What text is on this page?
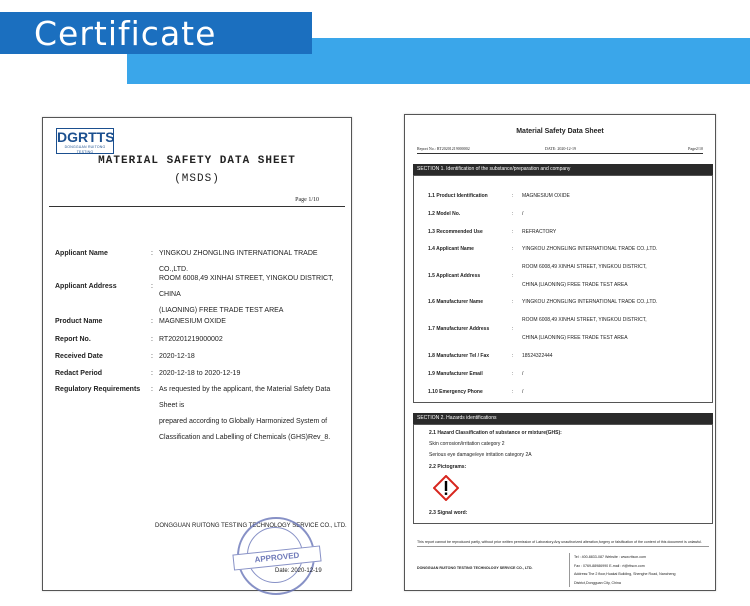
Certificate
DGRTTS
DONGGUAN RUITONG TESTING
MATERIAL SAFETY DATA SHEET
(MSDS)
Page 1/10
Applicant Name	: YINGKOU ZHONGLING INTERNATIONAL TRADE CO.,LTD.
Applicant Address	:
ROOM 6008,49 XINHAI STREET, YINGKOU DISTRICT, CHINA
(LIAONING) FREE TRADE TEST AREA
Product Name	: MAGNESIUM OXIDE
Report No.	: RT20201219000002
Received Date	: 2020-12-18
Redact Period	: 2020-12-18 to 2020-12-19
Regulatory Requirements : As requested by the applicant, the Material Safety Data Sheet is
prepared according to Globally Harmonized System of
Classification and Labelling of Chemicals (GHS)Rev_8.
DONGGUAN RUITONG TESTING TECHNOLOGY SERVICE CO., LTD.
APPROVED
Date: 2020-12-19
Material Safety Data Sheet
Report No.: RT20201219000002	DATE: 2020-12-19	Page2/10
SECTION 1. Identification of the substance/preparation and company
1.1 Product Identification	: MAGNESIUM OXIDE
1.2 Model No.	: /
1.3 Recommended Use	: REFRACTORY
1.4 Applicant Name	: YINGKOU ZHONGLING INTERNATIONAL TRADE CO.,LTD.
1.5 Applicant Address	:
ROOM 6008,49 XINHAI STREET, YINGKOU DISTRICT,
CHINA (LIAONING) FREE TRADE TEST AREA
1.6 Manufacturer Name	: YINGKOU ZHONGLING INTERNATIONAL TRADE CO.,LTD.
1.7 Manufacturer Address	:
ROOM 6008,49 XINHAI STREET, YINGKOU DISTRICT,
CHINA (LIAONING) FREE TRADE TEST AREA
1.8 Manufacturer Tel / Fax	: 18524322444
1.9 Manufacturer Email	: /
1.10 Emergency Phone	: /
SECTION 2. Hazards identifications
2.1 Hazard Classification of substance or mixture(GHS):
Skin corrosion/irritation category 2
Serious eye damage/eye irritation category 2A
2.2 Pictograms:
2.3 Signal word:
This report cannot be reproduced partly, without prior written permission of Laboratory.Any unauthorized alteration,forgery or falsification of the content of this document is unlawful.
DONGGUAN RUITONG TESTING TECHNOLOGY SERVICE CO., LTD.
Tel : 400-8833-087 Website : www.rttscn.com
Fax : 0769-88986990 E-mail : rt@rttscn.com
Address:The 2 floor,Huakai Building, Shenghe Road, Nancheng
District,Dongguan City, China
